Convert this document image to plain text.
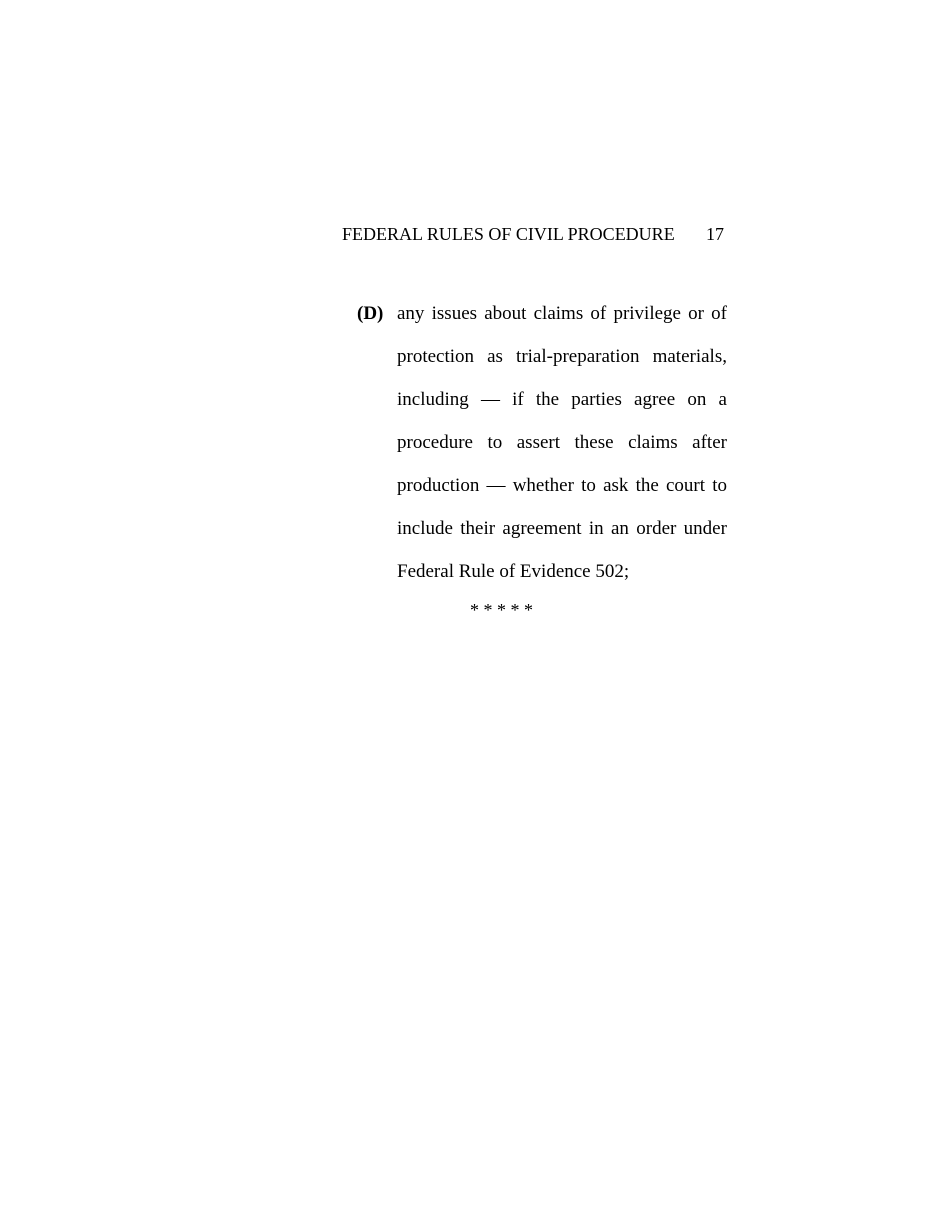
FEDERAL RULES OF CIVIL PROCEDURE 17
(D) any issues about claims of privilege or of
protection as trial-preparation materials,
including — if the parties agree on a
procedure to assert these claims after
production — whether to ask the court to
include their agreement in an order under
Federal Rule of Evidence 502;
* * * * *
